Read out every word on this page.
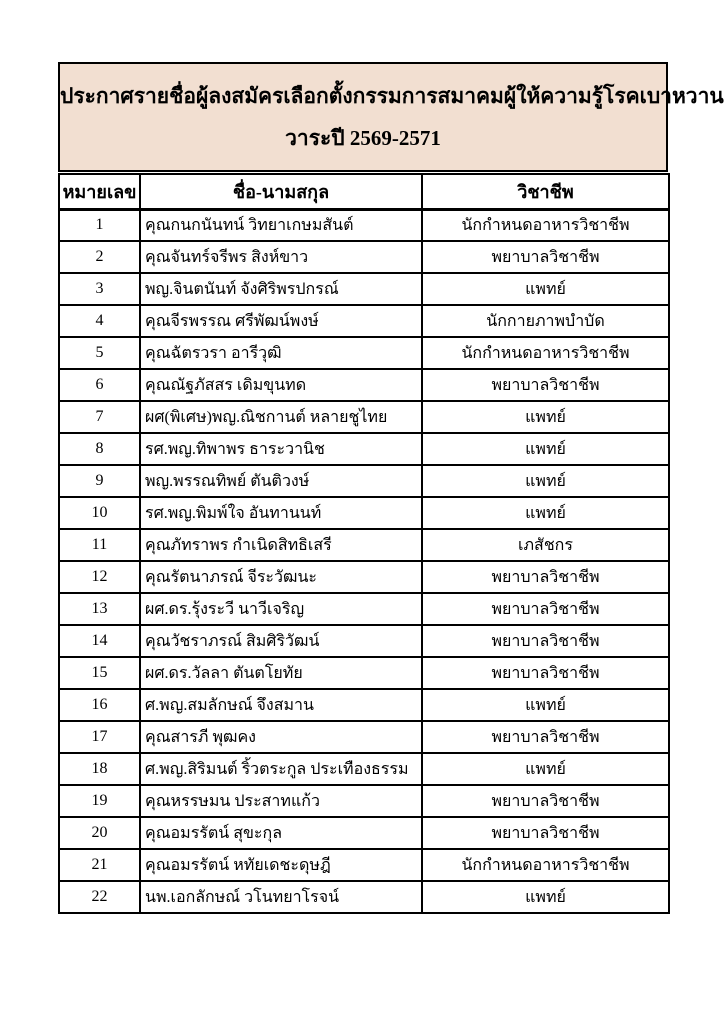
ประกาศรายชื่อผู้ลงสมัครเลือกตั้งกรรมการสมาคมผู้ให้ความรู้โรคเบาหวาน
วาระปี 2569-2571
หมายเลข	ชื่อ-นามสกุล	วิชาชีพ
1	คุณกนกนันทน์ วิทยาเกษมสันต์	นักกำหนดอาหารวิชาชีพ
2	คุณจันทร์จรีพร สิงห์ขาว	พยาบาลวิชาชีพ
3	พญ.จินตนันท์ จังศิริพรปกรณ์	แพทย์
4	คุณจีรพรรณ ศรีพัฒน์พงษ์	นักกายภาพบำบัด
5	คุณฉัตรวรา อารีวุฒิ	นักกำหนดอาหารวิชาชีพ
6	คุณณัฐภัสสร เดิมขุนทด	พยาบาลวิชาชีพ
7	ผศ(พิเศษ)พญ.ณิชกานต์ หลายชูไทย	แพทย์
8	รศ.พญ.ทิพาพร ธาระวานิช	แพทย์
9	พญ.พรรณทิพย์ ตันติวงษ์	แพทย์
10	รศ.พญ.พิมพ์ใจ อันทานนท์	แพทย์
11	คุณภัทราพร กำเนิดสิทธิเสรี	เภสัชกร
12	คุณรัตนาภรณ์ จีระวัฒนะ	พยาบาลวิชาชีพ
13	ผศ.ดร.รุ้งระวี นาวีเจริญ	พยาบาลวิชาชีพ
14	คุณวัชราภรณ์ สิมศิริวัฒน์	พยาบาลวิชาชีพ
15	ผศ.ดร.วัลลา ตันตโยทัย	พยาบาลวิชาชีพ
16	ศ.พญ.สมลักษณ์ จึงสมาน	แพทย์
17	คุณสารภี พุฒคง	พยาบาลวิชาชีพ
18	ศ.พญ.สิริมนต์ ริ้วตระกูล ประเทืองธรรม	แพทย์
19	คุณหรรษมน ประสาทแก้ว	พยาบาลวิชาชีพ
20	คุณอมรรัตน์ สุขะกุล	พยาบาลวิชาชีพ
21	คุณอมรรัตน์ หทัยเดชะดุษฎี	นักกำหนดอาหารวิชาชีพ
22	นพ.เอกลักษณ์ วโนทยาโรจน์	แพทย์
